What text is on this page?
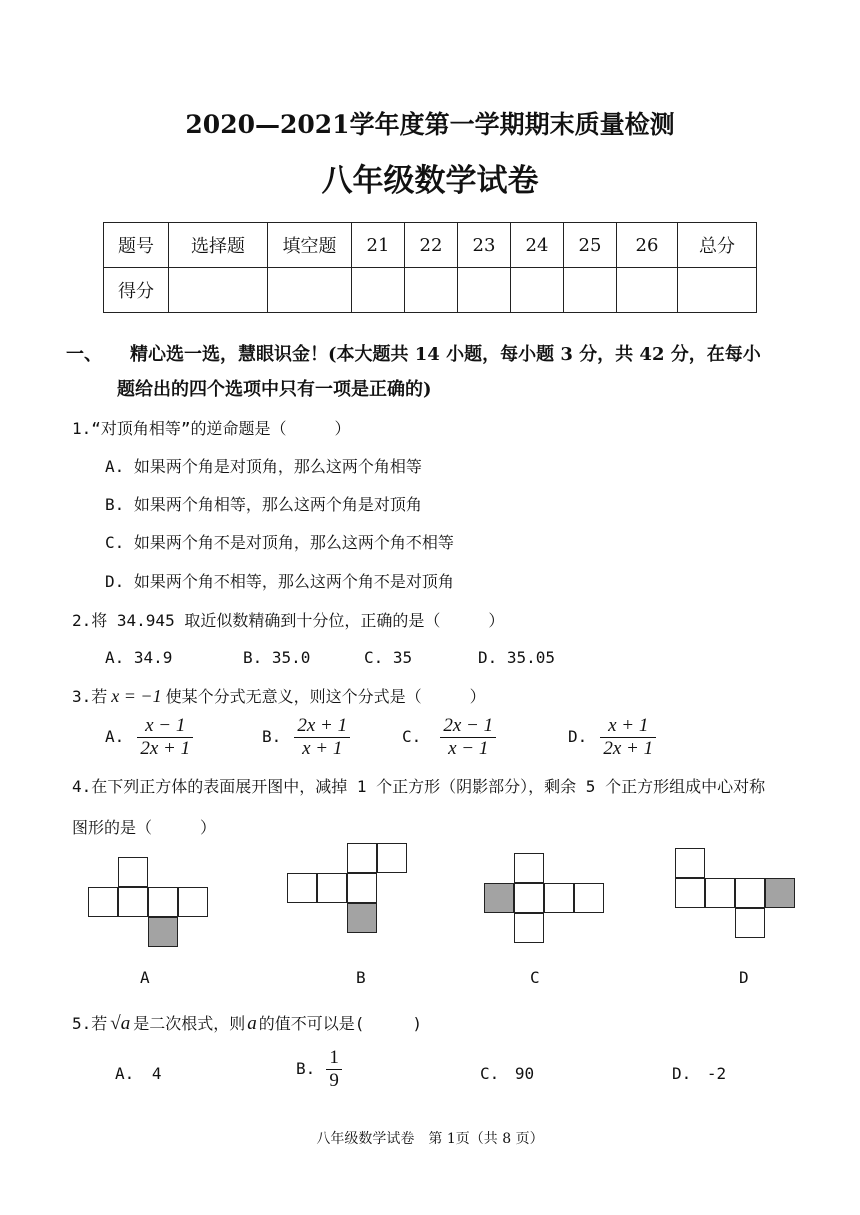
2020—2021学年度第一学期期末质量检测
八年级数学试卷
题号	选择题	填空题	21	22	23	24	25	26	总分
得分									
一、 精心选一选，慧眼识金！(本大题共 14 小题，每小题 3 分，共 42 分，在每小
题给出的四个选项中只有一项是正确的)
1.“对顶角相等”的逆命题是（　　　）
A. 如果两个角是对顶角，那么这两个角相等
B. 如果两个角相等，那么这两个角是对顶角
C. 如果两个角不是对顶角，那么这两个角不相等
D. 如果两个角不相等，那么这两个角不是对顶角
2.将 34.945 取近似数精确到十分位，正确的是（　　　）
A. 34.9	B. 35.0	C. 35	D. 35.05
3.若 x = −1 使某个分式无意义，则这个分式是（　　　）
A. $\frac{x - 1}{2x + 1}$	B. $\frac{2x + 1}{x + 1}$	C. $\frac{2x - 1}{x - 1}$	D. $\frac{x + 1}{2x + 1}$
4.在下列正方体的表面展开图中，减掉 1 个正方形（阴影部分），剩余 5 个正方形组成中心对称
图形的是（　　　）
A	B	C	D
5.若 √a 是二次根式，则 a 的值不可以是(　　　)
A. 4	B. $\frac{1}{9}$	C. 90	D. -2
八年级数学试卷　第 1页（共 8 页）
